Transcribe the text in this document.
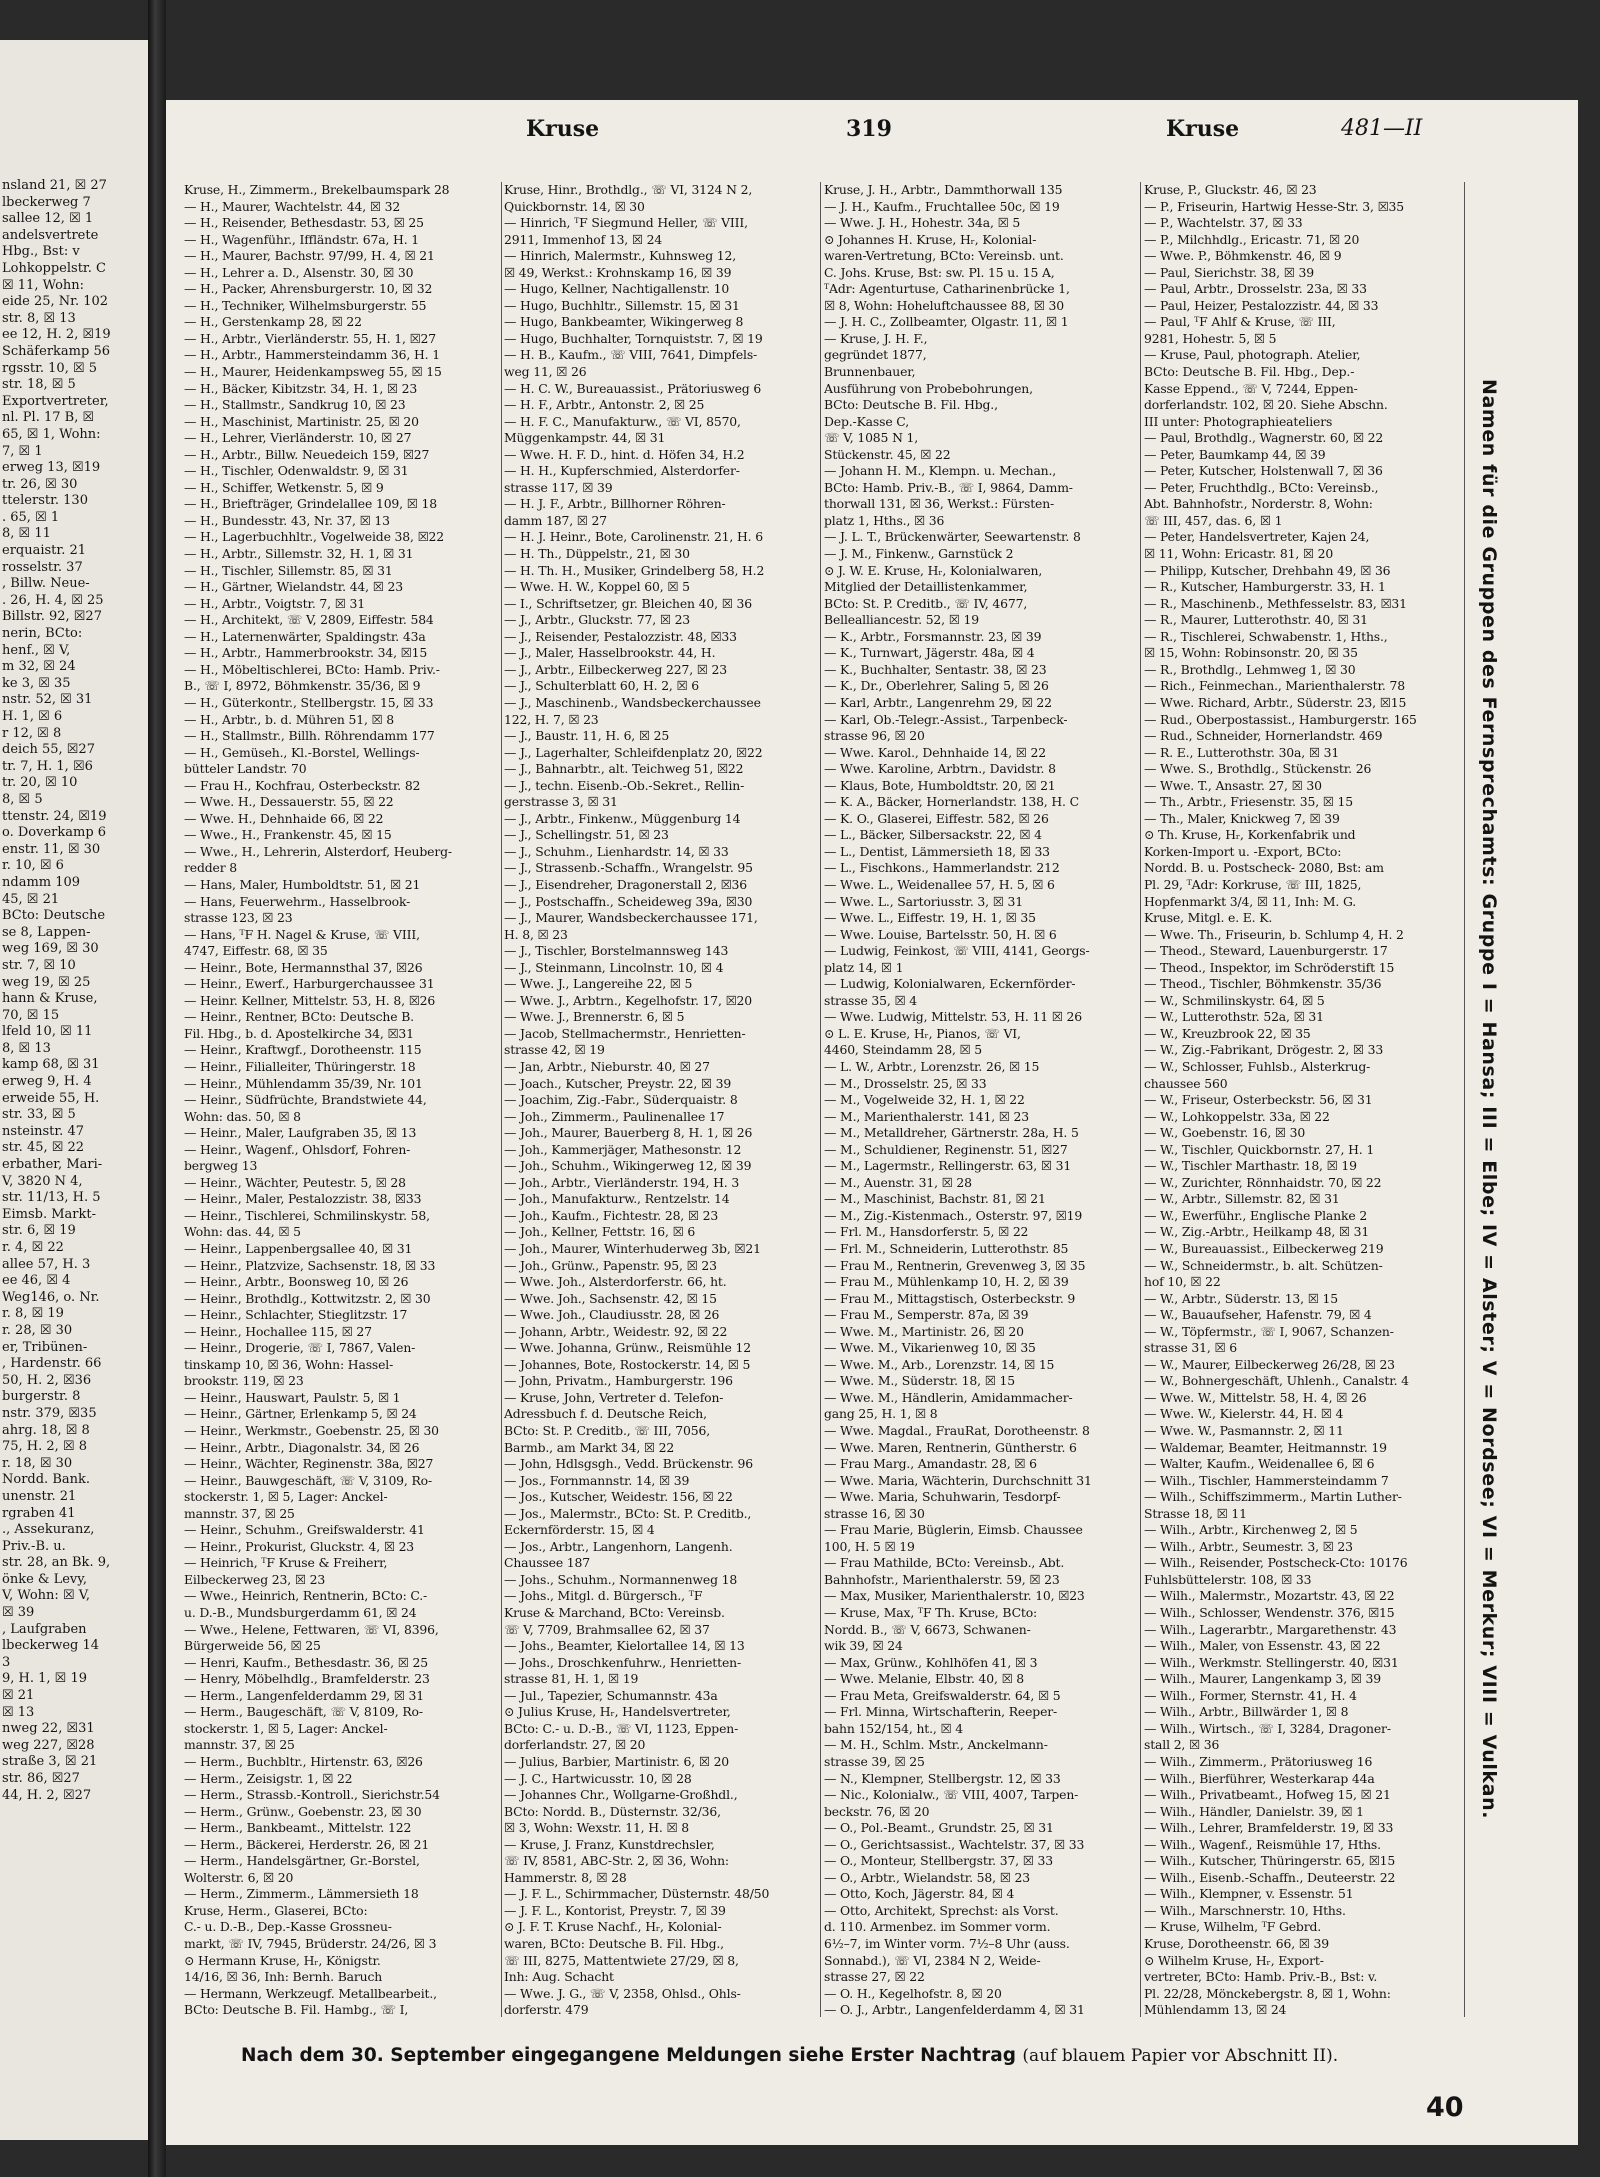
nsland 21, ☒ 27
lbeckerweg 7
sallee 12, ☒ 1
andelsvertrete
Hbg., Bst: v
Lohkoppelstr. C
☒ 11, Wohn:
eide 25, Nr. 102
str. 8, ☒ 13
ee 12, H. 2, ☒19
Schäferkamp 56
rgsstr. 10, ☒ 5
str. 18, ☒ 5
Exportvertreter,
nl. Pl. 17 B, ☒
65, ☒ 1, Wohn:
7, ☒ 1
erweg 13, ☒19
tr. 26, ☒ 30
ttelerstr. 130
. 65, ☒ 1
8, ☒ 11
erquaistr. 21
rosselstr. 37
, Billw. Neue-
. 26, H. 4, ☒ 25
Billstr. 92, ☒27
nerin, BCto:
henf., ☒ V,
m 32, ☒ 24
ke 3, ☒ 35
nstr. 52, ☒ 31
H. 1, ☒ 6
r 12, ☒ 8
deich 55, ☒27
tr. 7, H. 1, ☒6
tr. 20, ☒ 10
8, ☒ 5
ttenstr. 24, ☒19
o. Doverkamp 6
enstr. 11, ☒ 30
r. 10, ☒ 6
ndamm 109
45, ☒ 21
BCto: Deutsche
se 8, Lappen-
weg 169, ☒ 30
str. 7, ☒ 10
weg 19, ☒ 25
hann & Kruse,
70, ☒ 15
lfeld 10, ☒ 11
8, ☒ 13
kamp 68, ☒ 31
erweg 9, H. 4
erweide 55, H.
str. 33, ☒ 5
nsteinstr. 47
str. 45, ☒ 22
erbather, Mari-
V, 3820 N 4,
str. 11/13, H. 5
Eimsb. Markt-
str. 6, ☒ 19
r. 4, ☒ 22
allee 57, H. 3
ee 46, ☒ 4
Weg146, o. Nr.
r. 8, ☒ 19
r. 28, ☒ 30
er, Tribünen-
, Hardenstr. 66
50, H. 2, ☒36
burgerstr. 8
nstr. 379, ☒35
ahrg. 18, ☒ 8
75, H. 2, ☒ 8
r. 18, ☒ 30
Nordd. Bank.
unenstr. 21
rgraben 41
., Assekuranz,
Priv.-B. u.
str. 28, an Bk. 9,
önke & Levy,
V, Wohn: ☒ V,
☒ 39
, Laufgraben
lbeckerweg 14
3
9, H. 1, ☒ 19
☒ 21
☒ 13
nweg 22, ☒31
weg 227, ☒28
straße 3, ☒ 21
str. 86, ☒27
44, H. 2, ☒27
Kruse	319	Kruse	481—II
Kruse, H., Zimmerm., Brekelbaumspark 28
— H., Maurer, Wachtelstr. 44, ☒ 32
— H., Reisender, Bethesdastr. 53, ☒ 25
— H., Wagenführ., Iffländstr. 67a, H. 1
— H., Maurer, Bachstr. 97/99, H. 4, ☒ 21
— H., Lehrer a. D., Alsenstr. 30, ☒ 30
— H., Packer, Ahrensburgerstr. 10, ☒ 32
— H., Techniker, Wilhelmsburgerstr. 55
— H., Gerstenkamp 28, ☒ 22
— H., Arbtr., Vierländerstr. 55, H. 1, ☒27
— H., Arbtr., Hammersteindamm 36, H. 1
— H., Maurer, Heidenkampsweg 55, ☒ 15
— H., Bäcker, Kibitzstr. 34, H. 1, ☒ 23
— H., Stallmstr., Sandkrug 10, ☒ 23
— H., Maschinist, Martinistr. 25, ☒ 20
— H., Lehrer, Vierländerstr. 10, ☒ 27
— H., Arbtr., Billw. Neuedeich 159, ☒27
— H., Tischler, Odenwaldstr. 9, ☒ 31
— H., Schiffer, Wetkenstr. 5, ☒ 9
— H., Briefträger, Grindelallee 109, ☒ 18
— H., Bundesstr. 43, Nr. 37, ☒ 13
— H., Lagerbuchhltr., Vogelweide 38, ☒22
— H., Arbtr., Sillemstr. 32, H. 1, ☒ 31
— H., Tischler, Sillemstr. 85, ☒ 31
— H., Gärtner, Wielandstr. 44, ☒ 23
— H., Arbtr., Voigtstr. 7, ☒ 31
— H., Architekt, ☏ V, 2809, Eiffestr. 584
— H., Laternenwärter, Spaldingstr. 43a
— H., Arbtr., Hammerbrookstr. 34, ☒15
— H., Möbeltischlerei, BCto: Hamb. Priv.-
B., ☏ I, 8972, Böhmkenstr. 35/36, ☒ 9
— H., Güterkontr., Stellbergstr. 15, ☒ 33
— H., Arbtr., b. d. Mühren 51, ☒ 8
— H., Stallmstr., Billh. Röhrendamm 177
— H., Gemüseh., Kl.-Borstel, Wellings-
bütteler Landstr. 70
— Frau H., Kochfrau, Osterbeckstr. 82
— Wwe. H., Dessauerstr. 55, ☒ 22
— Wwe. H., Dehnhaide 66, ☒ 22
— Wwe., H., Frankenstr. 45, ☒ 15
— Wwe., H., Lehrerin, Alsterdorf, Heuberg-
redder 8
— Hans, Maler, Humboldtstr. 51, ☒ 21
— Hans, Feuerwehrm., Hasselbrook-
strasse 123, ☒ 23
— Hans, ᵀF H. Nagel & Kruse, ☏ VIII,
4747, Eiffestr. 68, ☒ 35
— Heinr., Bote, Hermannsthal 37, ☒26
— Heinr., Ewerf., Harburgerchaussee 31
— Heinr. Kellner, Mittelstr. 53, H. 8, ☒26
— Heinr., Rentner, BCto: Deutsche B.
Fil. Hbg., b. d. Apostelkirche 34, ☒31
— Heinr., Kraftwgf., Dorotheenstr. 115
— Heinr., Filialleiter, Thüringerstr. 18
— Heinr., Mühlendamm 35/39, Nr. 101
— Heinr., Südfrüchte, Brandstwiete 44,
Wohn: das. 50, ☒ 8
— Heinr., Maler, Laufgraben 35, ☒ 13
— Heinr., Wagenf., Ohlsdorf, Fohren-
bergweg 13
— Heinr., Wächter, Peutestr. 5, ☒ 28
— Heinr., Maler, Pestalozzistr. 38, ☒33
— Heinr., Tischlerei, Schmilinskystr. 58,
Wohn: das. 44, ☒ 5
— Heinr., Lappenbergsallee 40, ☒ 31
— Heinr., Platzvize, Sachsenstr. 18, ☒ 33
— Heinr., Arbtr., Boonsweg 10, ☒ 26
— Heinr., Brothdlg., Kottwitzstr. 2, ☒ 30
— Heinr., Schlachter, Stieglitzstr. 17
— Heinr., Hochallee 115, ☒ 27
— Heinr., Drogerie, ☏ I, 7867, Valen-
tinskamp 10, ☒ 36, Wohn: Hassel-
brookstr. 119, ☒ 23
— Heinr., Hauswart, Paulstr. 5, ☒ 1
— Heinr., Gärtner, Erlenkamp 5, ☒ 24
— Heinr., Werkmstr., Goebenstr. 25, ☒ 30
— Heinr., Arbtr., Diagonalstr. 34, ☒ 26
— Heinr., Wächter, Reginenstr. 38a, ☒27
— Heinr., Bauwgeschäft, ☏ V, 3109, Ro-
stockerstr. 1, ☒ 5, Lager: Anckel-
mannstr. 37, ☒ 25
— Heinr., Schuhm., Greifswalderstr. 41
— Heinr., Prokurist, Gluckstr. 4, ☒ 23
— Heinrich, ᵀF Kruse & Freiherr,
Eilbeckerweg 23, ☒ 23
— Wwe., Heinrich, Rentnerin, BCto: C.-
u. D.-B., Mundsburgerdamm 61, ☒ 24
— Wwe., Helene, Fettwaren, ☏ VI, 8396,
Bürgerweide 56, ☒ 25
— Henri, Kaufm., Bethesdastr. 36, ☒ 25
— Henry, Möbelhdlg., Bramfelderstr. 23
— Herm., Langenfelderdamm 29, ☒ 31
— Herm., Baugeschäft, ☏ V, 8109, Ro-
stockerstr. 1, ☒ 5, Lager: Anckel-
mannstr. 37, ☒ 25
— Herm., Buchbltr., Hirtenstr. 63, ☒26
— Herm., Zeisigstr. 1, ☒ 22
— Herm., Strassb.-Kontroll., Sierichstr.54
— Herm., Grünw., Goebenstr. 23, ☒ 30
— Herm., Bankbeamt., Mittelstr. 122
— Herm., Bäckerei, Herderstr. 26, ☒ 21
— Herm., Handelsgärtner, Gr.-Borstel,
Wolterstr. 6, ☒ 20
— Herm., Zimmerm., Lämmersieth 18
Kruse, Herm., Glaserei, BCto:
C.- u. D.-B., Dep.-Kasse Grossneu-
markt, ☏ IV, 7945, Brüderstr. 24/26, ☒ 3
⊙ Hermann Kruse, Hᵣ, Königstr.
14/16, ☒ 36, Inh: Bernh. Baruch
— Hermann, Werkzeugf. Metallbearbeit.,
BCto: Deutsche B. Fil. Hambg., ☏ I,
Kruse, Hinr., Brothdlg., ☏ VI, 3124 N 2,
Quickbornstr. 14, ☒ 30
— Hinrich, ᵀF Siegmund Heller, ☏ VIII,
2911, Immenhof 13, ☒ 24
— Hinrich, Malermstr., Kuhnsweg 12,
☒ 49, Werkst.: Krohnskamp 16, ☒ 39
— Hugo, Kellner, Nachtigallenstr. 10
— Hugo, Buchhltr., Sillemstr. 15, ☒ 31
— Hugo, Bankbeamter, Wikingerweg 8
— Hugo, Buchhalter, Tornquiststr. 7, ☒ 19
— H. B., Kaufm., ☏ VIII, 7641, Dimpfels-
weg 11, ☒ 26
— H. C. W., Bureauassist., Prätoriusweg 6
— H. F., Arbtr., Antonstr. 2, ☒ 25
— H. F. C., Manufakturw., ☏ VI, 8570,
Müggenkampstr. 44, ☒ 31
— Wwe. H. F. D., hint. d. Höfen 34, H.2
— H. H., Kupferschmied, Alsterdorfer-
strasse 117, ☒ 39
— H. J. F., Arbtr., Billhorner Röhren-
damm 187, ☒ 27
— H. J. Heinr., Bote, Carolinenstr. 21, H. 6
— H. Th., Düppelstr., 21, ☒ 30
— H. Th. H., Musiker, Grindelberg 58, H.2
— Wwe. H. W., Koppel 60, ☒ 5
— I., Schriftsetzer, gr. Bleichen 40, ☒ 36
— J., Arbtr., Gluckstr. 77, ☒ 23
— J., Reisender, Pestalozzistr. 48, ☒33
— J., Maler, Hasselbrookstr. 44, H.
— J., Arbtr., Eilbeckerweg 227, ☒ 23
— J., Schulterblatt 60, H. 2, ☒ 6
— J., Maschinenb., Wandsbeckerchaussee
122, H. 7, ☒ 23
— J., Baustr. 11, H. 6, ☒ 25
— J., Lagerhalter, Schleifdenplatz 20, ☒22
— J., Bahnarbtr., alt. Teichweg 51, ☒22
— J., techn. Eisenb.-Ob.-Sekret., Rellin-
gerstrasse 3, ☒ 31
— J., Arbtr., Finkenw., Müggenburg 14
— J., Schellingstr. 51, ☒ 23
— J., Schuhm., Lienhardstr. 14, ☒ 33
— J., Strassenb.-Schaffn., Wrangelstr. 95
— J., Eisendreher, Dragonerstall 2, ☒36
— J., Postschaffn., Scheideweg 39a, ☒30
— J., Maurer, Wandsbeckerchaussee 171,
H. 8, ☒ 23
— J., Tischler, Borstelmannsweg 143
— J., Steinmann, Lincolnstr. 10, ☒ 4
— Wwe. J., Langereihe 22, ☒ 5
— Wwe. J., Arbtrn., Kegelhofstr. 17, ☒20
— Wwe. J., Brennerstr. 6, ☒ 5
— Jacob, Stellmachermstr., Henrietten-
strasse 42, ☒ 19
— Jan, Arbtr., Nieburstr. 40, ☒ 27
— Joach., Kutscher, Preystr. 22, ☒ 39
— Joachim, Zig.-Fabr., Süderquaistr. 8
— Joh., Zimmerm., Paulinenallee 17
— Joh., Maurer, Bauerberg 8, H. 1, ☒ 26
— Joh., Kammerjäger, Mathesonstr. 12
— Joh., Schuhm., Wikingerweg 12, ☒ 39
— Joh., Arbtr., Vierländerstr. 194, H. 3
— Joh., Manufakturw., Rentzelstr. 14
— Joh., Kaufm., Fichtestr. 28, ☒ 23
— Joh., Kellner, Fettstr. 16, ☒ 6
— Joh., Maurer, Winterhuderweg 3b, ☒21
— Joh., Grünw., Papenstr. 95, ☒ 23
— Wwe. Joh., Alsterdorferstr. 66, ht.
— Wwe. Joh., Sachsenstr. 42, ☒ 15
— Wwe. Joh., Claudiusstr. 28, ☒ 26
— Johann, Arbtr., Weidestr. 92, ☒ 22
— Wwe. Johanna, Grünw., Reismühle 12
— Johannes, Bote, Rostockerstr. 14, ☒ 5
— John, Privatm., Hamburgerstr. 196
— Kruse, John, Vertreter d. Telefon-
Adressbuch f. d. Deutsche Reich,
BCto: St. P. Creditb., ☏ III, 7056,
Barmb., am Markt 34, ☒ 22
— John, Hdlsgsgh., Vedd. Brückenstr. 96
— Jos., Fornmannstr. 14, ☒ 39
— Jos., Kutscher, Weidestr. 156, ☒ 22
— Jos., Malermstr., BCto: St. P. Creditb.,
Eckernförderstr. 15, ☒ 4
— Jos., Arbtr., Langenhorn, Langenh.
Chaussee 187
— Johs., Schuhm., Normannenweg 18
— Johs., Mitgl. d. Bürgersch., ᵀF
Kruse & Marchand, BCto: Vereinsb.
☏ V, 7709, Brahmsallee 62, ☒ 37
— Johs., Beamter, Kielortallee 14, ☒ 13
— Johs., Droschkenfuhrw., Henrietten-
strasse 81, H. 1, ☒ 19
— Jul., Tapezier, Schumannstr. 43a
⊙ Julius Kruse, Hᵣ, Handelsvertreter,
BCto: C.- u. D.-B., ☏ VI, 1123, Eppen-
dorferlandstr. 27, ☒ 20
— Julius, Barbier, Martinistr. 6, ☒ 20
— J. C., Hartwicusstr. 10, ☒ 28
— Johannes Chr., Wollgarne-Großhdl.,
BCto: Nordd. B., Düsternstr. 32/36,
☒ 3, Wohn: Wexstr. 11, H. ☒ 8
— Kruse, J. Franz, Kunstdrechsler,
☏ IV, 8581, ABC-Str. 2, ☒ 36, Wohn:
Hammerstr. 8, ☒ 28
— J. F. L., Schirmmacher, Düsternstr. 48/50
— J. F. L., Kontorist, Preystr. 7, ☒ 39
⊙ J. F. T. Kruse Nachf., Hᵣ, Kolonial-
waren, BCto: Deutsche B. Fil. Hbg.,
☏ III, 8275, Mattentwiete 27/29, ☒ 8,
Inh: Aug. Schacht
— Wwe. J. G., ☏ V, 2358, Ohlsd., Ohls-
dorferstr. 479
Kruse, J. H., Arbtr., Dammthorwall 135
— J. H., Kaufm., Fruchtallee 50c, ☒ 19
— Wwe. J. H., Hohestr. 34a, ☒ 5
⊙ Johannes H. Kruse, Hᵣ, Kolonial-
waren-Vertretung, BCto: Vereinsb. unt.
C. Johs. Kruse, Bst: sw. Pl. 15 u. 15 A,
ᵀAdr: Agenturtuse, Catharinenbrücke 1,
☒ 8, Wohn: Hoheluftchaussee 88, ☒ 30
— J. H. C., Zollbeamter, Olgastr. 11, ☒ 1
— Kruse, J. H. F.,
gegründet 1877,
Brunnenbauer,
Ausführung von Probebohrungen,
BCto: Deutsche B. Fil. Hbg.,
Dep.-Kasse C,
☏ V, 1085 N 1,
Stückenstr. 45, ☒ 22
— Johann H. M., Klempn. u. Mechan.,
BCto: Hamb. Priv.-B., ☏ I, 9864, Damm-
thorwall 131, ☒ 36, Werkst.: Fürsten-
platz 1, Hths., ☒ 36
— J. L. T., Brückenwärter, Seewartenstr. 8
— J. M., Finkenw., Garnstück 2
⊙ J. W. E. Kruse, Hᵣ, Kolonialwaren,
Mitglied der Detaillistenkammer,
BCto: St. P. Creditb., ☏ IV, 4677,
Bellealliancestr. 52, ☒ 19
— K., Arbtr., Forsmannstr. 23, ☒ 39
— K., Turnwart, Jägerstr. 48a, ☒ 4
— K., Buchhalter, Sentastr. 38, ☒ 23
— K., Dr., Oberlehrer, Saling 5, ☒ 26
— Karl, Arbtr., Langenrehm 29, ☒ 22
— Karl, Ob.-Telegr.-Assist., Tarpenbeck-
strasse 96, ☒ 20
— Wwe. Karol., Dehnhaide 14, ☒ 22
— Wwe. Karoline, Arbtrn., Davidstr. 8
— Klaus, Bote, Humboldtstr. 20, ☒ 21
— K. A., Bäcker, Hornerlandstr. 138, H. C
— K. O., Glaserei, Eiffestr. 582, ☒ 26
— L., Bäcker, Silbersackstr. 22, ☒ 4
— L., Dentist, Lämmersieth 18, ☒ 33
— L., Fischkons., Hammerlandstr. 212
— Wwe. L., Weidenallee 57, H. 5, ☒ 6
— Wwe. L., Sartoriusstr. 3, ☒ 31
— Wwe. L., Eiffestr. 19, H. 1, ☒ 35
— Wwe. Louise, Bartelsstr. 50, H. ☒ 6
— Ludwig, Feinkost, ☏ VIII, 4141, Georgs-
platz 14, ☒ 1
— Ludwig, Kolonialwaren, Eckernförder-
strasse 35, ☒ 4
— Wwe. Ludwig, Mittelstr. 53, H. 11 ☒ 26
⊙ L. E. Kruse, Hᵣ, Pianos, ☏ VI,
4460, Steindamm 28, ☒ 5
— L. W., Arbtr., Lorenzstr. 26, ☒ 15
— M., Drosselstr. 25, ☒ 33
— M., Vogelweide 32, H. 1, ☒ 22
— M., Marienthalerstr. 141, ☒ 23
— M., Metalldreher, Gärtnerstr. 28a, H. 5
— M., Schuldiener, Reginenstr. 51, ☒27
— M., Lagermstr., Rellingerstr. 63, ☒ 31
— M., Auenstr. 31, ☒ 28
— M., Maschinist, Bachstr. 81, ☒ 21
— M., Zig.-Kistenmach., Osterstr. 97, ☒19
— Frl. M., Hansdorferstr. 5, ☒ 22
— Frl. M., Schneiderin, Lutterothstr. 85
— Frau M., Rentnerin, Grevenweg 3, ☒ 35
— Frau M., Mühlenkamp 10, H. 2, ☒ 39
— Frau M., Mittagstisch, Osterbeckstr. 9
— Frau M., Semperstr. 87a, ☒ 39
— Wwe. M., Martinistr. 26, ☒ 20
— Wwe. M., Vikarienweg 10, ☒ 35
— Wwe. M., Arb., Lorenzstr. 14, ☒ 15
— Wwe. M., Süderstr. 18, ☒ 15
— Wwe. M., Händlerin, Amidammacher-
gang 25, H. 1, ☒ 8
— Wwe. Magdal., FrauRat, Dorotheenstr. 8
— Wwe. Maren, Rentnerin, Güntherstr. 6
— Frau Marg., Amandastr. 28, ☒ 6
— Wwe. Maria, Wächterin, Durchschnitt 31
— Wwe. Maria, Schuhwarin, Tesdorpf-
strasse 16, ☒ 30
— Frau Marie, Büglerin, Eimsb. Chaussee
100, H. 5 ☒ 19
— Frau Mathilde, BCto: Vereinsb., Abt.
Bahnhofstr., Marienthalerstr. 59, ☒ 23
— Max, Musiker, Marienthalerstr. 10, ☒23
— Kruse, Max, ᵀF Th. Kruse, BCto:
Nordd. B., ☏ V, 6673, Schwanen-
wik 39, ☒ 24
— Max, Grünw., Kohlhöfen 41, ☒ 3
— Wwe. Melanie, Elbstr. 40, ☒ 8
— Frau Meta, Greifswalderstr. 64, ☒ 5
— Frl. Minna, Wirtschafterin, Reeper-
bahn 152/154, ht., ☒ 4
— M. H., Schlm. Mstr., Anckelmann-
strasse 39, ☒ 25
— N., Klempner, Stellbergstr. 12, ☒ 33
— Nic., Kolonialw., ☏ VIII, 4007, Tarpen-
beckstr. 76, ☒ 20
— O., Pol.-Beamt., Grundstr. 25, ☒ 31
— O., Gerichtsassist., Wachtelstr. 37, ☒ 33
— O., Monteur, Stellbergstr. 37, ☒ 33
— O., Arbtr., Wielandstr. 58, ☒ 23
— Otto, Koch, Jägerstr. 84, ☒ 4
— Otto, Architekt, Sprechst: als Vorst.
d. 110. Armenbez. im Sommer vorm.
6½–7, im Winter vorm. 7½–8 Uhr (auss.
Sonnabd.), ☏ VI, 2384 N 2, Weide-
strasse 27, ☒ 22
— O. H., Kegelhofstr. 8, ☒ 20
— O. J., Arbtr., Langenfelderdamm 4, ☒ 31
Kruse, P., Gluckstr. 46, ☒ 23
— P., Friseurin, Hartwig Hesse-Str. 3, ☒35
— P., Wachtelstr. 37, ☒ 33
— P., Milchhdlg., Ericastr. 71, ☒ 20
— Wwe. P., Böhmkenstr. 46, ☒ 9
— Paul, Sierichstr. 38, ☒ 39
— Paul, Arbtr., Drosselstr. 23a, ☒ 33
— Paul, Heizer, Pestalozzistr. 44, ☒ 33
— Paul, ᵀF Ahlf & Kruse, ☏ III,
9281, Hohestr. 5, ☒ 5
— Kruse, Paul, photograph. Atelier,
BCto: Deutsche B. Fil. Hbg., Dep.-
Kasse Eppend., ☏ V, 7244, Eppen-
dorferlandstr. 102, ☒ 20. Siehe Abschn.
III unter: Photographieateliers
— Paul, Brothdlg., Wagnerstr. 60, ☒ 22
— Peter, Baumkamp 44, ☒ 39
— Peter, Kutscher, Holstenwall 7, ☒ 36
— Peter, Fruchthdlg., BCto: Vereinsb.,
Abt. Bahnhofstr., Norderstr. 8, Wohn:
☏ III, 457, das. 6, ☒ 1
— Peter, Handelsvertreter, Kajen 24,
☒ 11, Wohn: Ericastr. 81, ☒ 20
— Philipp, Kutscher, Drehbahn 49, ☒ 36
— R., Kutscher, Hamburgerstr. 33, H. 1
— R., Maschinenb., Methfesselstr. 83, ☒31
— R., Maurer, Lutterothstr. 40, ☒ 31
— R., Tischlerei, Schwabenstr. 1, Hths.,
☒ 15, Wohn: Robinsonstr. 20, ☒ 35
— R., Brothdlg., Lehmweg 1, ☒ 30
— Rich., Feinmechan., Marienthalerstr. 78
— Wwe. Richard, Arbtr., Süderstr. 23, ☒15
— Rud., Oberpostassist., Hamburgerstr. 165
— Rud., Schneider, Hornerlandstr. 469
— R. E., Lutterothstr. 30a, ☒ 31
— Wwe. S., Brothdlg., Stückenstr. 26
— Wwe. T., Ansastr. 27, ☒ 30
— Th., Arbtr., Friesenstr. 35, ☒ 15
— Th., Maler, Knickweg 7, ☒ 39
⊙ Th. Kruse, Hᵣ, Korkenfabrik und
Korken-Import u. -Export, BCto:
Nordd. B. u. Postscheck- 2080, Bst: am
Pl. 29, ᵀAdr: Korkruse, ☏ III, 1825,
Hopfenmarkt 3/4, ☒ 11, Inh: M. G.
Kruse, Mitgl. e. E. K.
— Wwe. Th., Friseurin, b. Schlump 4, H. 2
— Theod., Steward, Lauenburgerstr. 17
— Theod., Inspektor, im Schröderstift 15
— Theod., Tischler, Böhmkenstr. 35/36
— W., Schmilinskystr. 64, ☒ 5
— W., Lutterothstr. 52a, ☒ 31
— W., Kreuzbrook 22, ☒ 35
— W., Zig.-Fabrikant, Drögestr. 2, ☒ 33
— W., Schlosser, Fuhlsb., Alsterkrug-
chaussee 560
— W., Friseur, Osterbeckstr. 56, ☒ 31
— W., Lohkoppelstr. 33a, ☒ 22
— W., Goebenstr. 16, ☒ 30
— W., Tischler, Quickbornstr. 27, H. 1
— W., Tischler Marthastr. 18, ☒ 19
— W., Zurichter, Rönnhaidstr. 70, ☒ 22
— W., Arbtr., Sillemstr. 82, ☒ 31
— W., Ewerführ., Englische Planke 2
— W., Zig.-Arbtr., Heilkamp 48, ☒ 31
— W., Bureauassist., Eilbeckerweg 219
— W., Schneidermstr., b. alt. Schützen-
hof 10, ☒ 22
— W., Arbtr., Süderstr. 13, ☒ 15
— W., Bauaufseher, Hafenstr. 79, ☒ 4
— W., Töpfermstr., ☏ I, 9067, Schanzen-
strasse 31, ☒ 6
— W., Maurer, Eilbeckerweg 26/28, ☒ 23
— W., Bohnergeschäft, Uhlenh., Canalstr. 4
— Wwe. W., Mittelstr. 58, H. 4, ☒ 26
— Wwe. W., Kielerstr. 44, H. ☒ 4
— Wwe. W., Pasmannstr. 2, ☒ 11
— Waldemar, Beamter, Heitmannstr. 19
— Walter, Kaufm., Weidenallee 6, ☒ 6
— Wilh., Tischler, Hammersteindamm 7
— Wilh., Schiffszimmerm., Martin Luther-
Strasse 18, ☒ 11
— Wilh., Arbtr., Kirchenweg 2, ☒ 5
— Wilh., Arbtr., Seumestr. 3, ☒ 23
— Wilh., Reisender, Postscheck-Cto: 10176
Fuhlsbüttelerstr. 108, ☒ 33
— Wilh., Malermstr., Mozartstr. 43, ☒ 22
— Wilh., Schlosser, Wendenstr. 376, ☒15
— Wilh., Lagerarbtr., Margarethenstr. 43
— Wilh., Maler, von Essenstr. 43, ☒ 22
— Wilh., Werkmstr. Stellingerstr. 40, ☒31
— Wilh., Maurer, Langenkamp 3, ☒ 39
— Wilh., Former, Sternstr. 41, H. 4
— Wilh., Arbtr., Billwärder 1, ☒ 8
— Wilh., Wirtsch., ☏ I, 3284, Dragoner-
stall 2, ☒ 36
— Wilh., Zimmerm., Prätoriusweg 16
— Wilh., Bierführer, Westerkarap 44a
— Wilh., Privatbeamt., Hofweg 15, ☒ 21
— Wilh., Händler, Danielstr. 39, ☒ 1
— Wilh., Lehrer, Bramfelderstr. 19, ☒ 33
— Wilh., Wagenf., Reismühle 17, Hths.
— Wilh., Kutscher, Thüringerstr. 65, ☒15
— Wilh., Eisenb.-Schaffn., Deuteerstr. 22
— Wilh., Klempner, v. Essenstr. 51
— Wilh., Marschnerstr. 10, Hths.
— Kruse, Wilhelm, ᵀF Gebrd.
Kruse, Dorotheenstr. 66, ☒ 39
⊙ Wilhelm Kruse, Hᵣ, Export-
vertreter, BCto: Hamb. Priv.-B., Bst: v.
Pl. 22/28, Mönckebergstr. 8, ☒ 1, Wohn:
Mühlendamm 13, ☒ 24
Namen für die Gruppen des Fernsprechamts: Gruppe I = Hansa; III = Elbe; IV = Alster; V = Nordsee; VI = Merkur; VIII = Vulkan.
Nach dem 30. September eingegangene Meldungen siehe Erster Nachtrag (auf blauem Papier vor Abschnitt II).
40
